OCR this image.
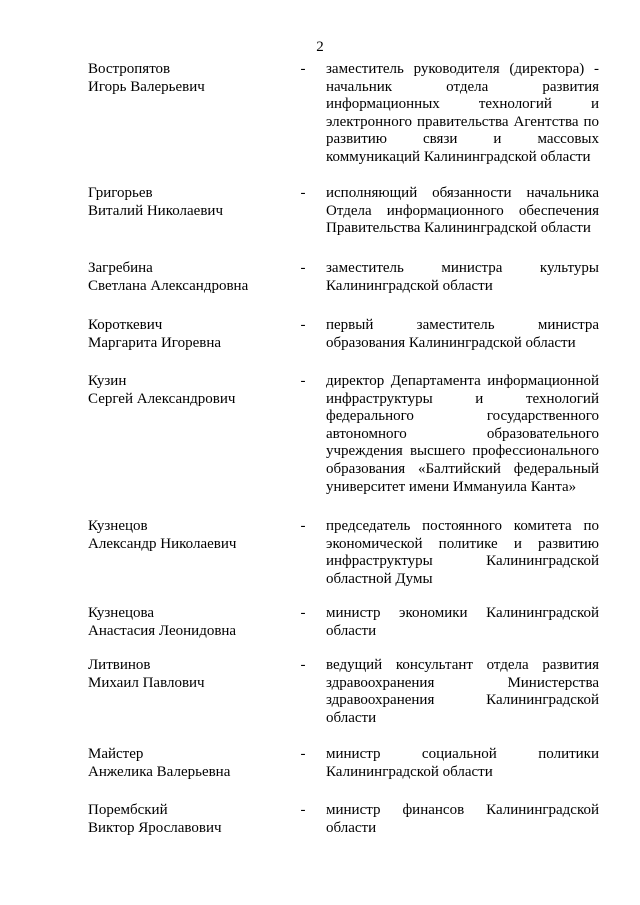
2
Востропятов
Игорь Валерьевич
-	заместитель руководителя (директора) - начальник отдела развития информационных технологий и электронного правительства Агентства по развитию связи и массовых коммуникаций Калининградской области
Григорьев
Виталий Николаевич
-	исполняющий обязанности начальника Отдела информационного обеспечения Правительства Калининградской области
Загребина
Светлана Александровна
-	заместитель министра культуры Калининградской области
Короткевич
Маргарита Игоревна
-	первый заместитель министра образования Калининградской области
Кузин
Сергей Александрович
-	директор Департамента информационной инфраструктуры и технологий федерального государственного автономного образовательного учреждения высшего профессионального образования «Балтийский федеральный университет имени Иммануила Канта»
Кузнецов
Александр Николаевич
-	председатель постоянного комитета по экономической политике и развитию инфраструктуры Калининградской областной Думы
Кузнецова
Анастасия Леонидовна
-	министр экономики Калининградской области
Литвинов
Михаил Павлович
-	ведущий консультант отдела развития здравоохранения Министерства здравоохранения Калининградской области
Майстер
Анжелика Валерьевна
-	министр социальной политики Калининградской области
Порембский
Виктор Ярославович
-	министр финансов Калининградской области
